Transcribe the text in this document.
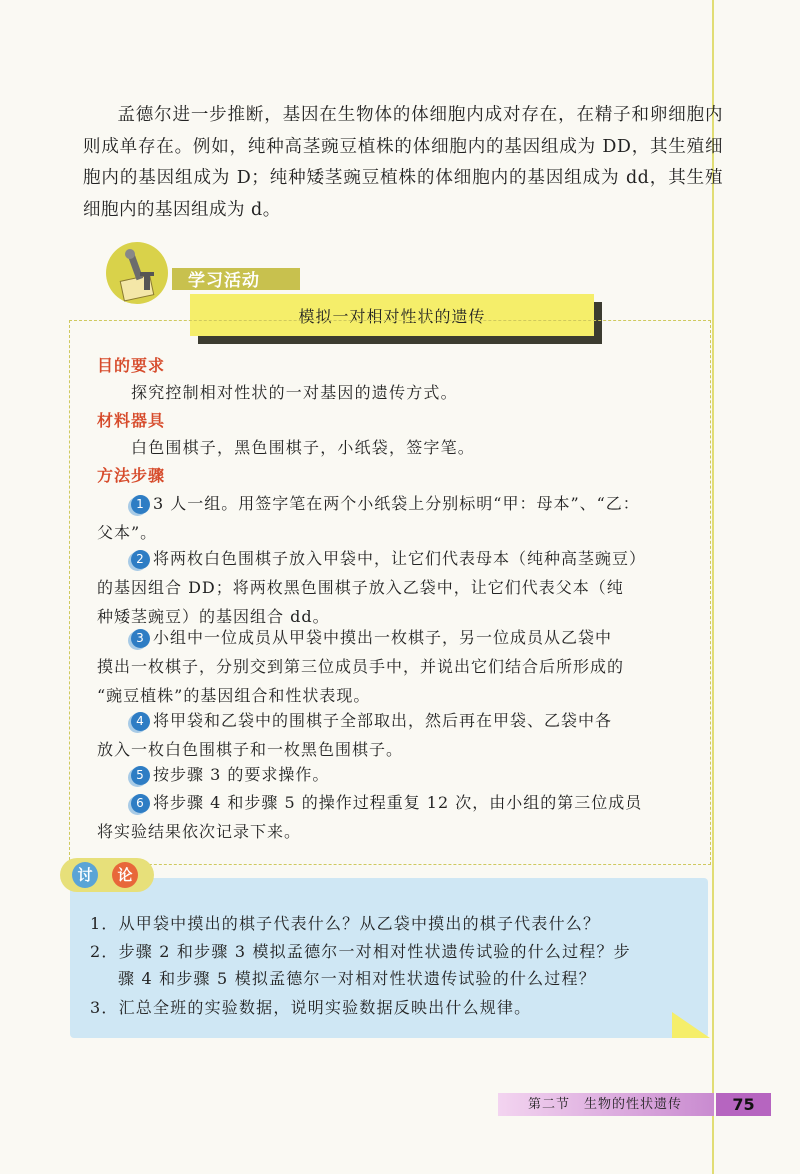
孟德尔进一步推断，基因在生物体的体细胞内成对存在，在精子和卵细胞内则成单存在。例如，纯种高茎豌豆植株的体细胞内的基因组成为 DD，其生殖细胞内的基因组成为 D；纯种矮茎豌豆植株的体细胞内的基因组成为 dd，其生殖细胞内的基因组成为 d。

学习活动
模拟一对相对性状的遗传
目的要求

探究控制相对性状的一对基因的遗传方式。

材料器具

白色围棋子，黑色围棋子，小纸袋，签字笔。

方法步骤

1 3 人一组。用签字笔在两个小纸袋上分别标明“甲：母本”、“乙：
父本”。

2 将两枚白色围棋子放入甲袋中，让它们代表母本（纯种高茎豌豆）
的基因组合 DD；将两枚黑色围棋子放入乙袋中，让它们代表父本（纯
种矮茎豌豆）的基因组合 dd。

3 小组中一位成员从甲袋中摸出一枚棋子，另一位成员从乙袋中
摸出一枚棋子，分别交到第三位成员手中，并说出它们结合后所形成的
“豌豆植株”的基因组合和性状表现。

4 将甲袋和乙袋中的围棋子全部取出，然后再在甲袋、乙袋中各
放入一枚白色围棋子和一枚黑色围棋子。

5 按步骤 3 的要求操作。

6 将步骤 4 和步骤 5 的操作过程重复 12 次，由小组的第三位成员
将实验结果依次记录下来。

讨	论

1．从甲袋中摸出的棋子代表什么？从乙袋中摸出的棋子代表什么？

2．步骤 2 和步骤 3 模拟孟德尔一对相对性状遗传试验的什么过程？步
骤 4 和步骤 5 模拟孟德尔一对相对性状遗传试验的什么过程？

3．汇总全班的实验数据，说明实验数据反映出什么规律。

第二节　生物的性状遗传	75
